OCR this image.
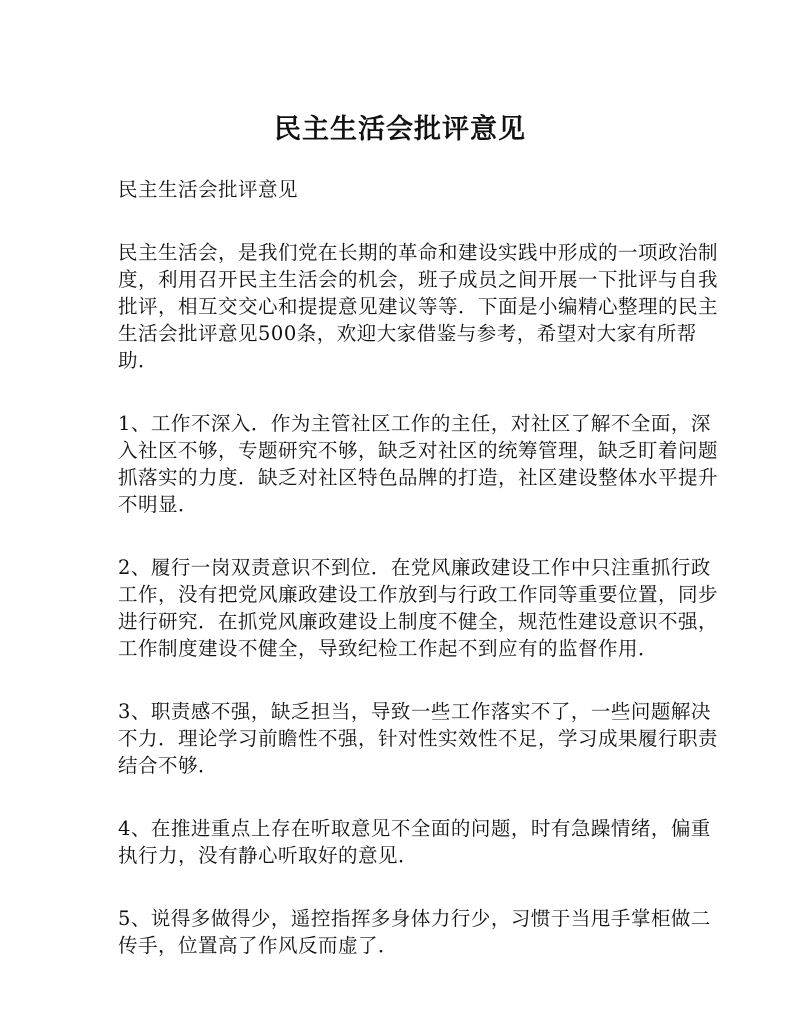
民主生活会批评意见

民主生活会批评意见

民主生活会，是我们党在长期的革命和建设实践中形成的一项政治制度，利用召开民主生活会的机会，班子成员之间开展一下批评与自我批评，相互交交心和提提意见建议等等．下面是小编精心整理的民主生活会批评意见500条，欢迎大家借鉴与参考，希望对大家有所帮助．

1、工作不深入．作为主管社区工作的主任，对社区了解不全面，深入社区不够，专题研究不够，缺乏对社区的统筹管理，缺乏盯着问题抓落实的力度．缺乏对社区特色品牌的打造，社区建设整体水平提升不明显．

2、履行一岗双责意识不到位．在党风廉政建设工作中只注重抓行政工作，没有把党风廉政建设工作放到与行政工作同等重要位置，同步进行研究．在抓党风廉政建设上制度不健全，规范性建设意识不强，工作制度建设不健全，导致纪检工作起不到应有的监督作用．

3、职责感不强，缺乏担当，导致一些工作落实不了，一些问题解决不力．理论学习前瞻性不强，针对性实效性不足，学习成果履行职责结合不够．

4、在推进重点上存在听取意见不全面的问题，时有急躁情绪，偏重执行力，没有静心听取好的意见．

5、说得多做得少，遥控指挥多身体力行少，习惯于当甩手掌柜做二传手，位置高了作风反而虚了．
